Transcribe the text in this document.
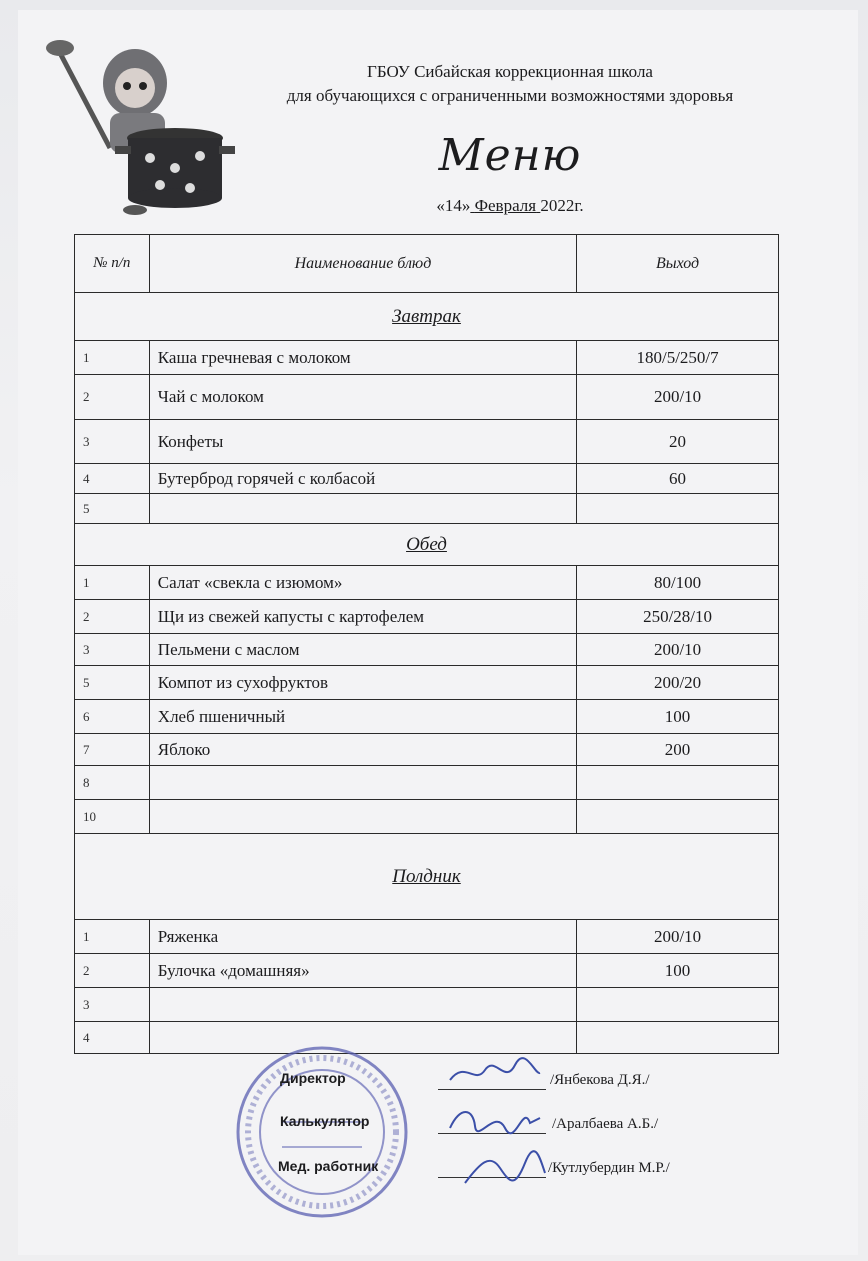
ГБОУ Сибайская коррекционная школа
для обучающихся с ограниченными возможностями здоровья
Меню
«14» Февраля 2022г.
№ п/п	Наименование блюд	Выход
Завтрак		
1	Каша гречневая с молоком	180/5/250/7
2	Чай с молоком	200/10
3	Конфеты	20
4	Бутерброд горячей с колбасой	60
5		
Обед		
1	Салат «свекла с изюмом»	80/100
2	Щи из свежей капусты с картофелем	250/28/10
3	Пельмени с маслом	200/10
5	Компот из сухофруктов	200/20
6	Хлеб пшеничный	100
7	Яблоко	200
8		
10		
Полдник		
1	Ряженка	200/10
2	Булочка «домашняя»	100
3		
4		
Директор	/Янбекова Д.Я./
Калькулятор	/Аралбаева А.Б./
Мед. работник	/Кутлубердин М.Р./
